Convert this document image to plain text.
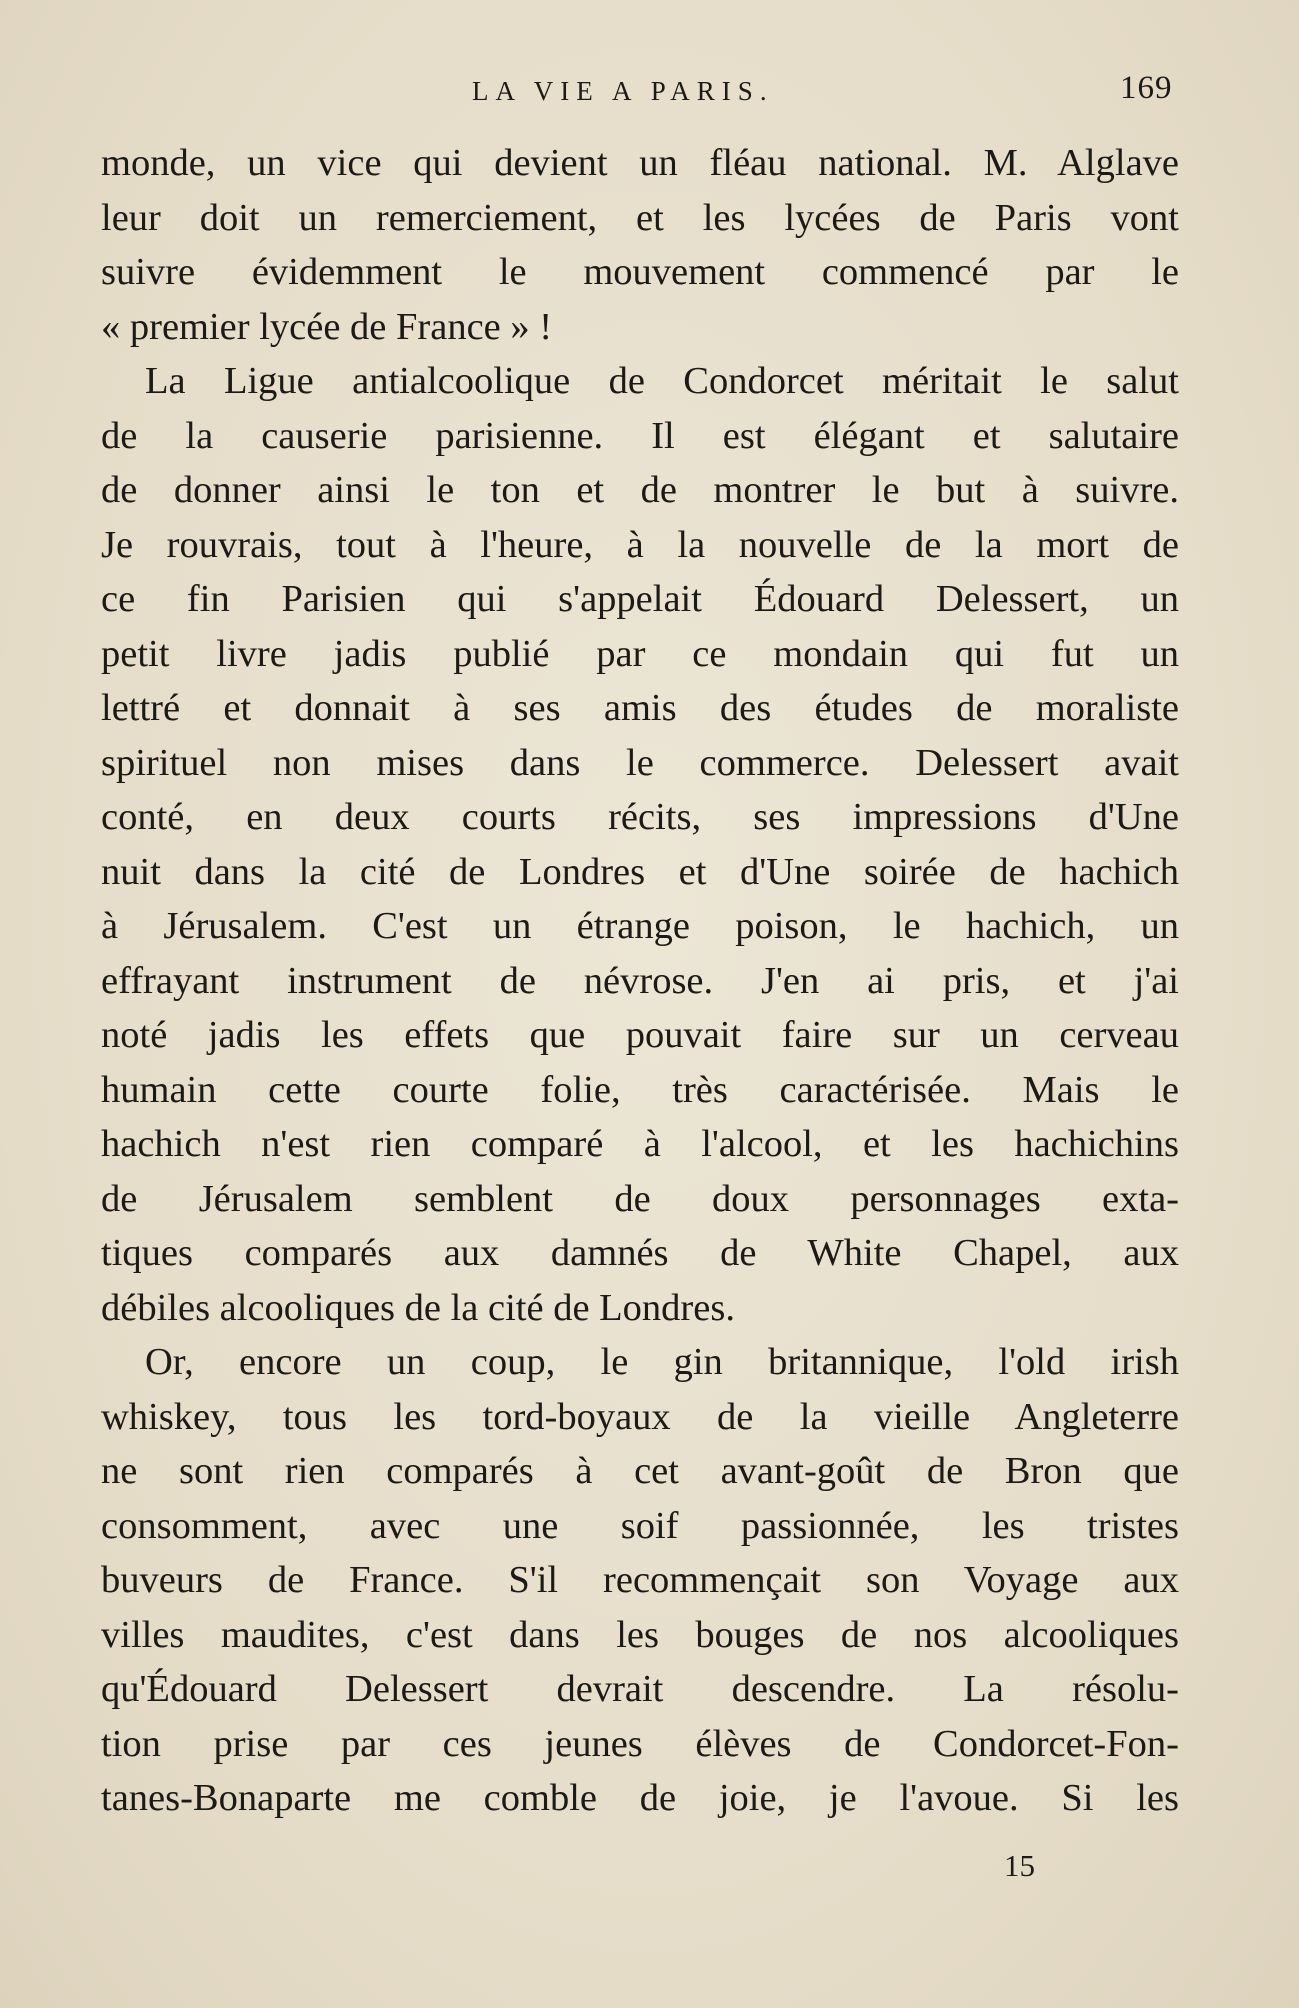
LA VIE A PARIS.	169
monde, un vice qui devient un fléau national. M. Alglave
leur doit un remerciement, et les lycées de Paris vont
suivre évidemment le mouvement commencé par le
« premier lycée de France » !
La Ligue antialcoolique de Condorcet méritait le salut
de la causerie parisienne. Il est élégant et salutaire
de donner ainsi le ton et de montrer le but à suivre.
Je rouvrais, tout à l'heure, à la nouvelle de la mort de
ce fin Parisien qui s'appelait Édouard Delessert, un
petit livre jadis publié par ce mondain qui fut un
lettré et donnait à ses amis des études de moraliste
spirituel non mises dans le commerce. Delessert avait
conté, en deux courts récits, ses impressions d'Une
nuit dans la cité de Londres et d'Une soirée de hachich
à Jérusalem. C'est un étrange poison, le hachich, un
effrayant instrument de névrose. J'en ai pris, et j'ai
noté jadis les effets que pouvait faire sur un cerveau
humain cette courte folie, très caractérisée. Mais le
hachich n'est rien comparé à l'alcool, et les hachichins
de Jérusalem semblent de doux personnages exta-
tiques comparés aux damnés de White Chapel, aux
débiles alcooliques de la cité de Londres.
Or, encore un coup, le gin britannique, l'old irish
whiskey, tous les tord-boyaux de la vieille Angleterre
ne sont rien comparés à cet avant-goût de Bron que
consomment, avec une soif passionnée, les tristes
buveurs de France. S'il recommençait son Voyage aux
villes maudites, c'est dans les bouges de nos alcooliques
qu'Édouard Delessert devrait descendre. La résolu-
tion prise par ces jeunes élèves de Condorcet-Fon-
tanes-Bonaparte me comble de joie, je l'avoue. Si les
15
